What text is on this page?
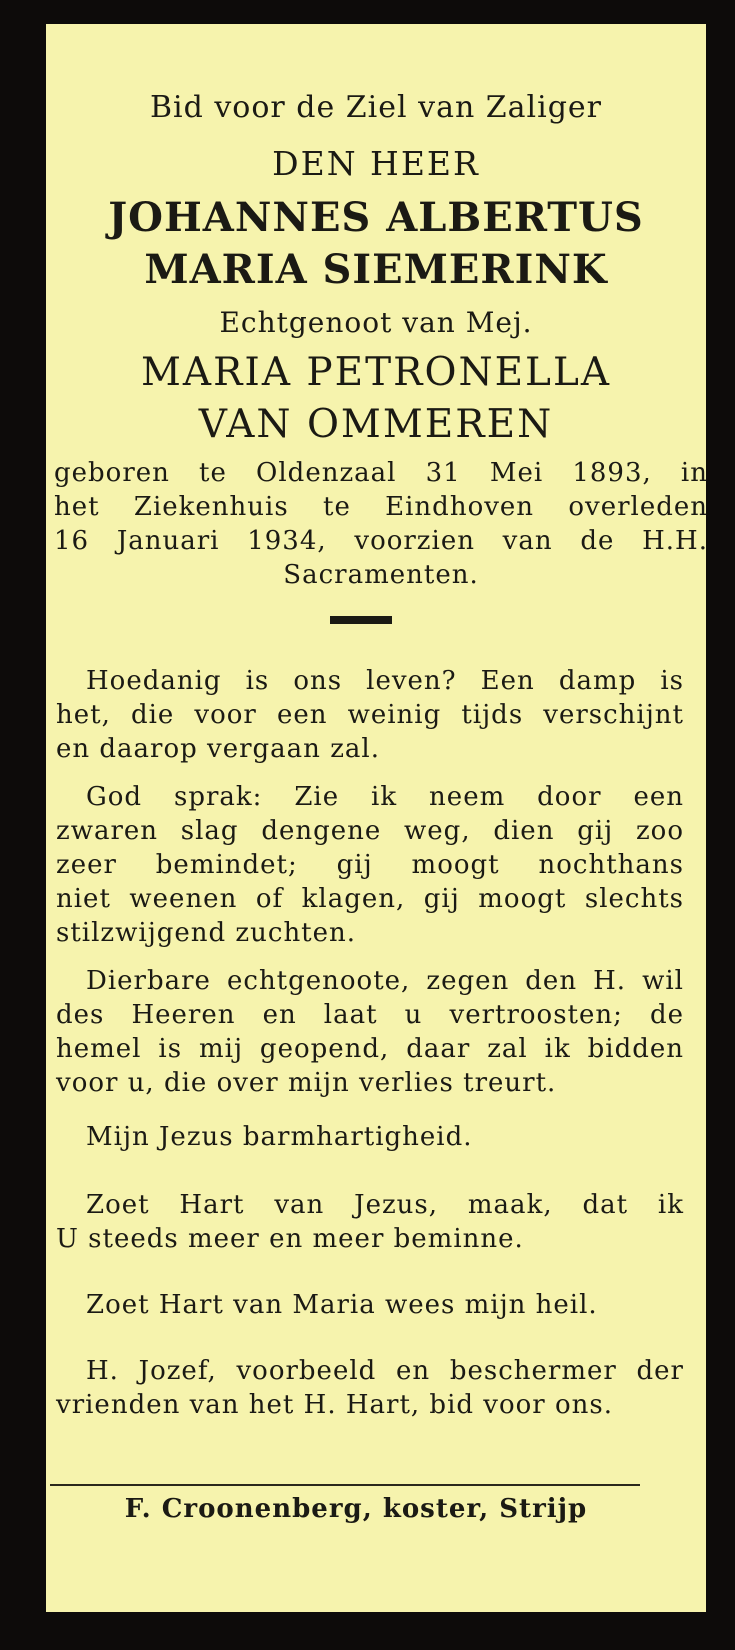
Bid voor de Ziel van Zaliger
DEN HEER
JOHANNES ALBERTUS
MARIA SIEMERINK
Echtgenoot van Mej.
MARIA PETRONELLA
VAN OMMEREN
geboren te Oldenzaal 31 Mei 1893, in
het Ziekenhuis te Eindhoven overleden
16 Januari 1934, voorzien van de H.H.
Sacramenten.
Hoedanig is ons leven? Een damp is
het, die voor een weinig tijds verschijnt
en daarop vergaan zal.
God sprak: Zie ik neem door een
zwaren slag dengene weg, dien gij zoo
zeer bemindet; gij moogt nochthans
niet weenen of klagen, gij moogt slechts
stilzwijgend zuchten.
Dierbare echtgenoote, zegen den H. wil
des Heeren en laat u vertroosten; de
hemel is mij geopend, daar zal ik bidden
voor u, die over mijn verlies treurt.
Mijn Jezus barmhartigheid.
Zoet Hart van Jezus, maak, dat ik
U steeds meer en meer beminne.
Zoet Hart van Maria wees mijn heil.
H. Jozef, voorbeeld en beschermer der
vrienden van het H. Hart, bid voor ons.
F. Croonenberg, koster, Strijp
